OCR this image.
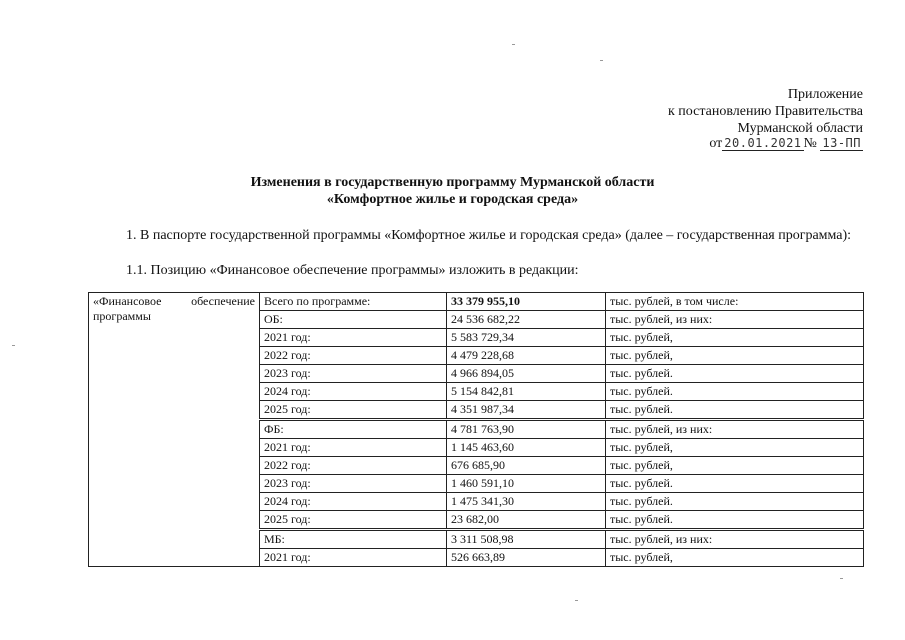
Приложение
к постановлению Правительства
Мурманской области
от 20.01.2021 № 13-ПП
Изменения в государственную программу Мурманской области
«Комфортное жилье и городская среда»
1. В паспорте государственной программы «Комфортное жилье и городская среда» (далее – государственная программа):
1.1. Позицию «Финансовое обеспечение программы» изложить в редакции:
«Финансовое обеспечение программы	Всего по программе:	33 379 955,10	тыс. рублей, в том числе:
	ОБ:	24 536 682,22	тыс. рублей, из них:
	2021 год:	5 583 729,34	тыс. рублей,
	2022 год:	4 479 228,68	тыс. рублей,
	2023 год:	4 966 894,05	тыс. рублей.
	2024 год:	5 154 842,81	тыс. рублей.
	2025 год:	4 351 987,34	тыс. рублей.
	ФБ:	4 781 763,90	тыс. рублей, из них:
	2021 год:	1 145 463,60	тыс. рублей,
	2022 год:	676 685,90	тыс. рублей,
	2023 год:	1 460 591,10	тыс. рублей.
	2024 год:	1 475 341,30	тыс. рублей.
	2025 год:	23 682,00	тыс. рублей.
	МБ:	3 311 508,98	тыс. рублей, из них:
	2021 год:	526 663,89	тыс. рублей,
